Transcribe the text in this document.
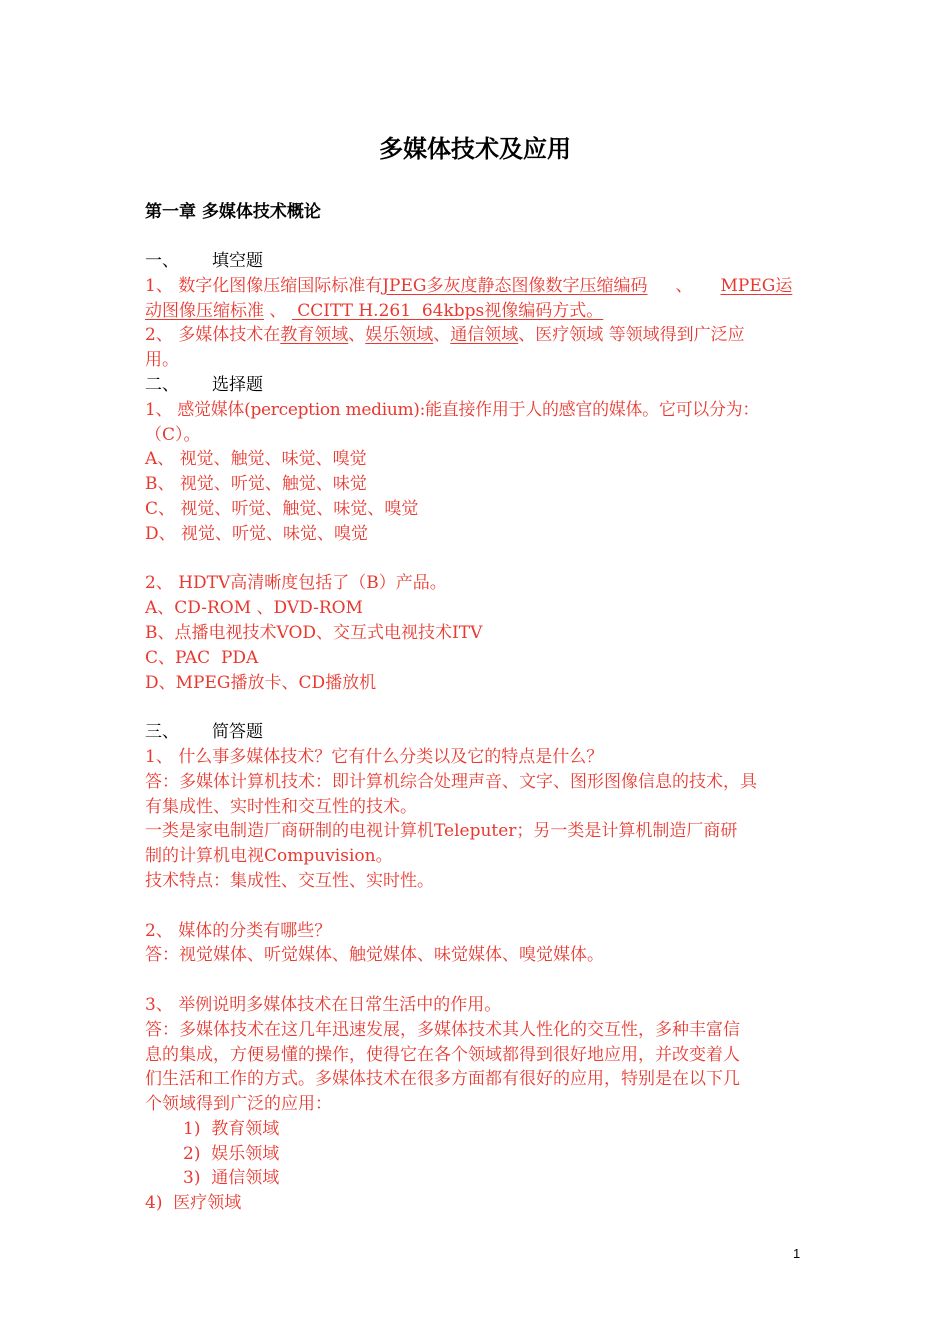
多媒体技术及应用
第一章 多媒体技术概论
一、 填空题
1、 数字化图像压缩国际标准有JPEG多灰度静态图像数字压缩编码 、 MPEG运
动图像压缩标准 、  CCITT H.261  64kbps视像编码方式。
2、 多媒体技术在教育领域、娱乐领域、通信领域、医疗领域 等领域得到广泛应
用。
二、 选择题
1、 感觉媒体(perception medium):能直接作用于人的感官的媒体。它可以分为：
（C）。
A、 视觉、触觉、味觉、嗅觉
B、 视觉、听觉、触觉、味觉
C、 视觉、听觉、触觉、味觉、嗅觉
D、 视觉、听觉、味觉、嗅觉
2、 HDTV高清晰度包括了（B）产品。
A、CD-ROM 、DVD-ROM
B、点播电视技术VOD、交互式电视技术ITV
C、PAC  PDA
D、MPEG播放卡、CD播放机
三、 简答题
1、 什么事多媒体技术？它有什么分类以及它的特点是什么？
答：多媒体计算机技术：即计算机综合处理声音、文字、图形图像信息的技术，具
有集成性、实时性和交互性的技术。
一类是家电制造厂商研制的电视计算机Teleputer；另一类是计算机制造厂商研
制的计算机电视Compuvision。
技术特点：集成性、交互性、实时性。
2、 媒体的分类有哪些？
答：视觉媒体、听觉媒体、触觉媒体、味觉媒体、嗅觉媒体。
3、 举例说明多媒体技术在日常生活中的作用。
答：多媒体技术在这几年迅速发展，多媒体技术其人性化的交互性，多种丰富信
息的集成，方便易懂的操作，使得它在各个领域都得到很好地应用，并改变着人
们生活和工作的方式。多媒体技术在很多方面都有很好的应用，特别是在以下几
个领域得到广泛的应用：
1)  教育领域
2)  娱乐领域
3)  通信领域
4)  医疗领域
1
